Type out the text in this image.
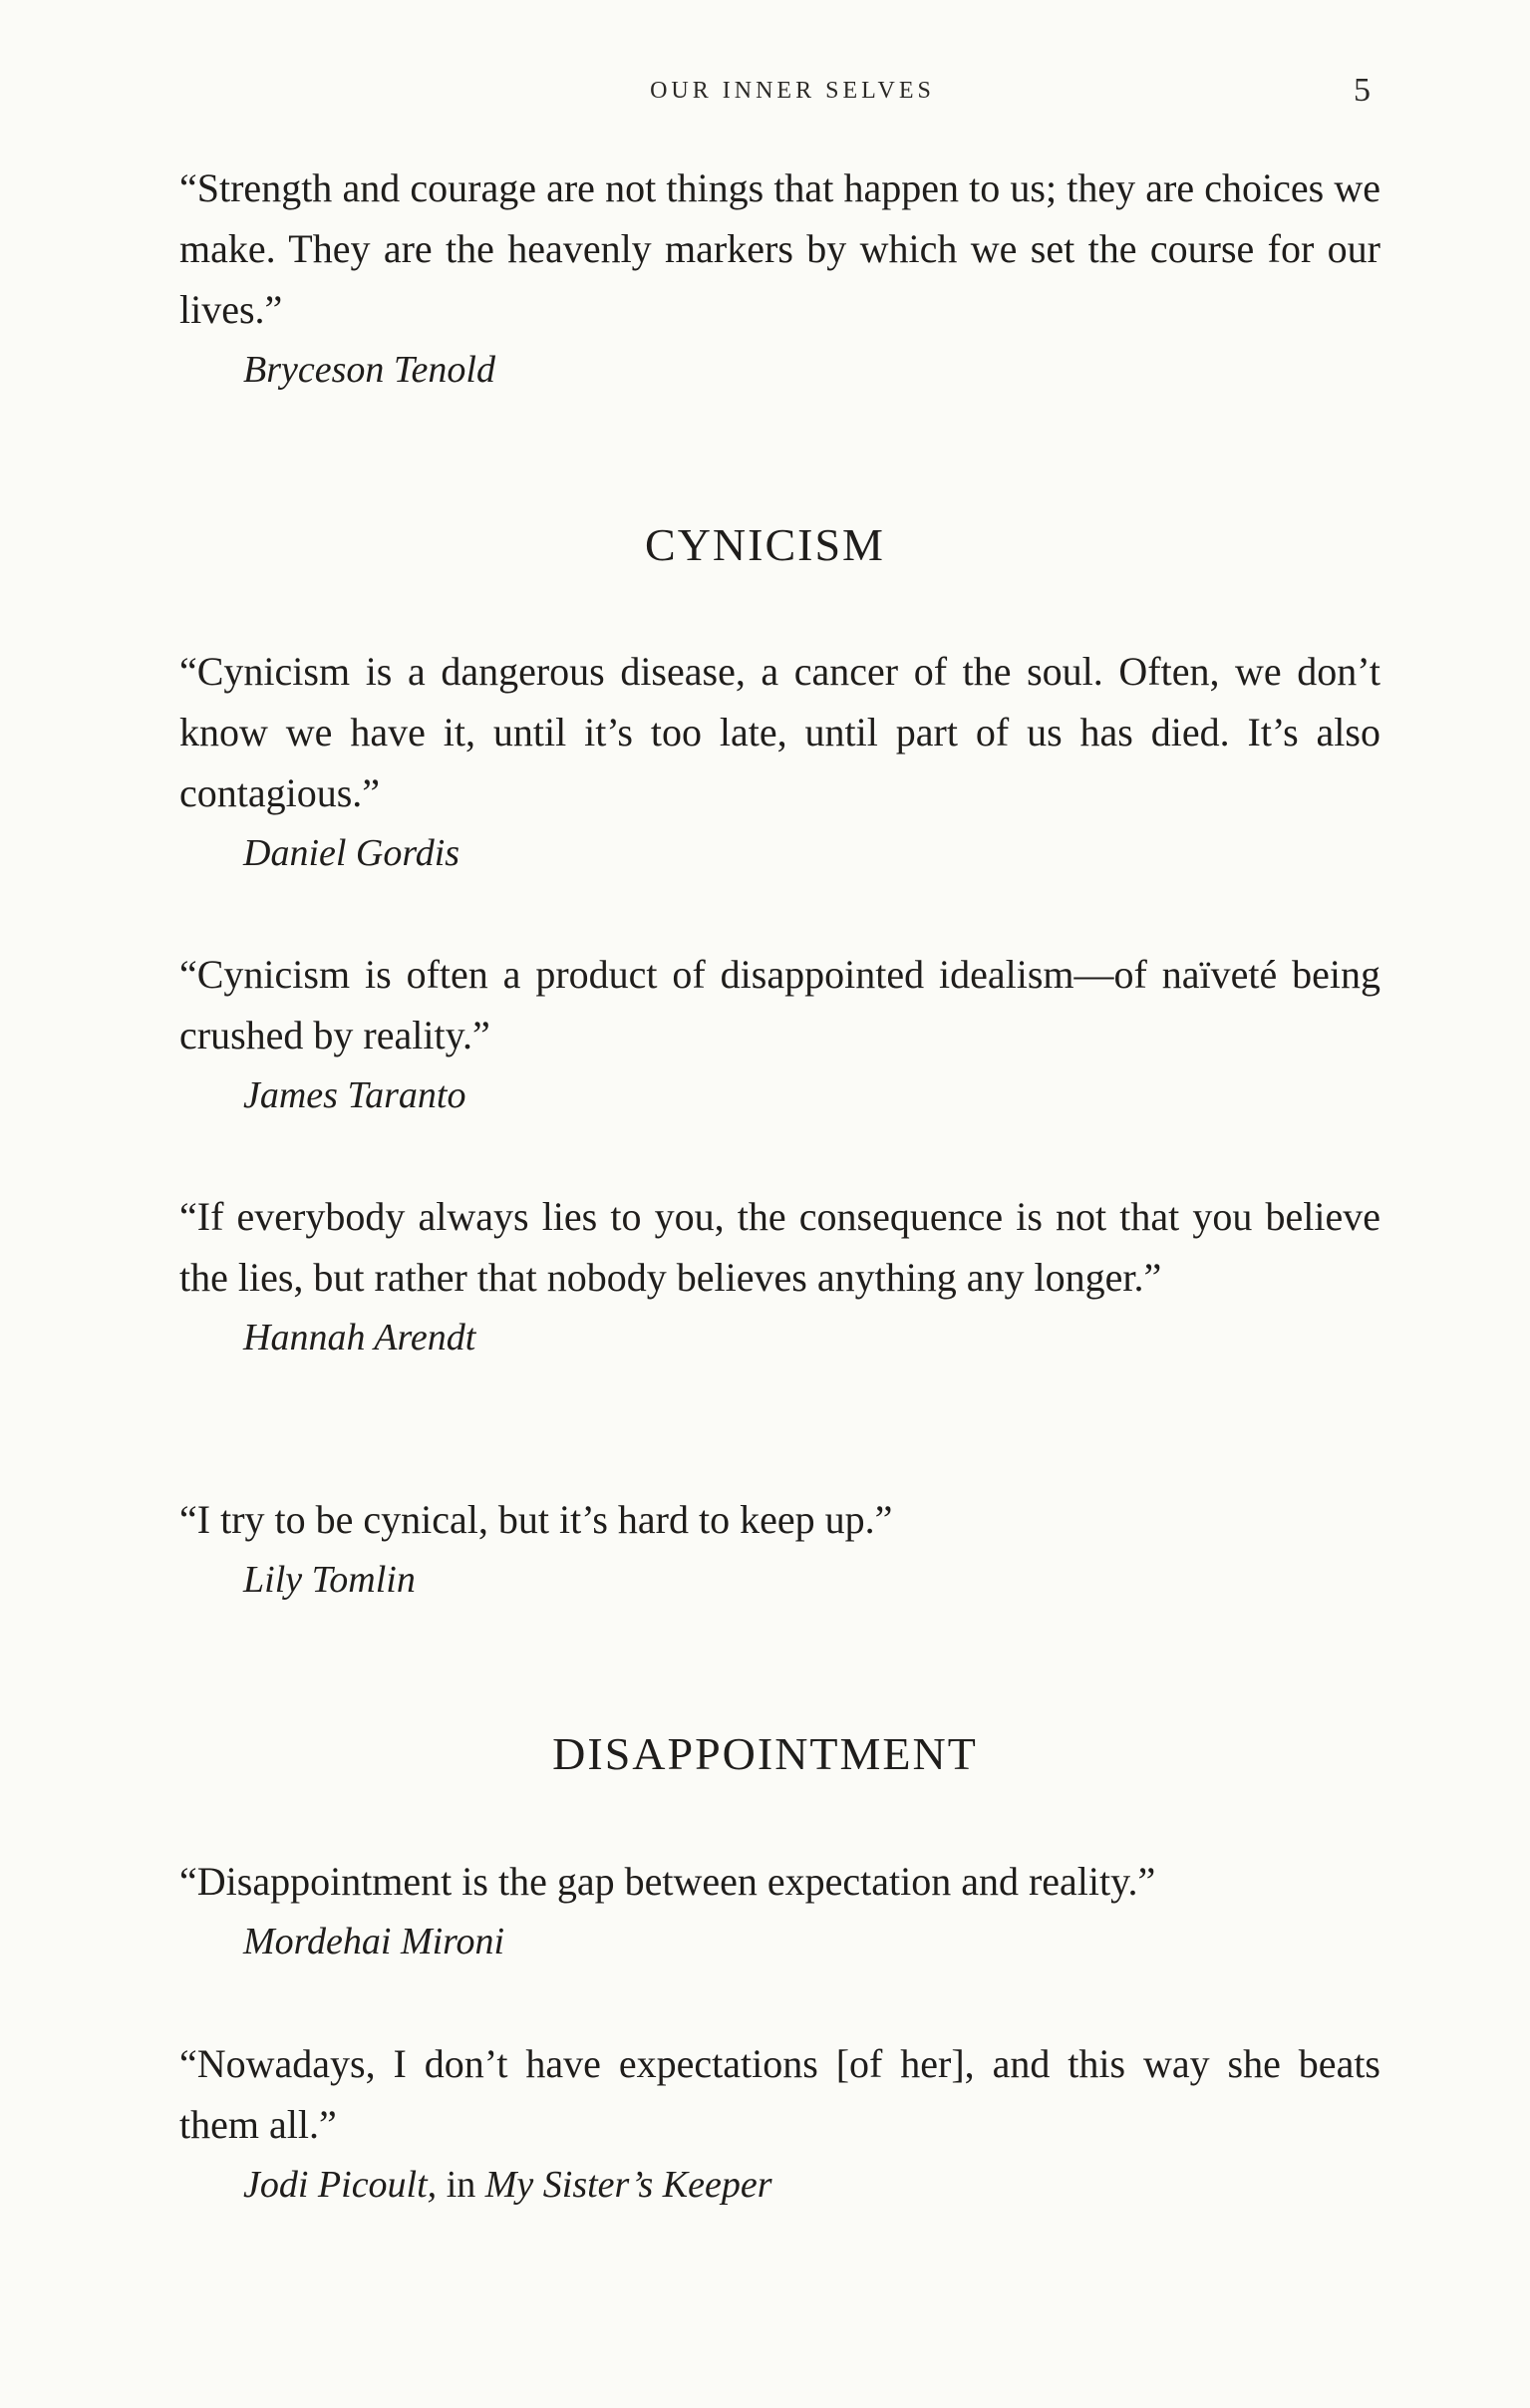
OUR INNER SELVES	5

“Strength and courage are not things that happen to us; they are choices we make. They are the heavenly markers by which we set the course for our lives.”

Bryceson Tenold

CYNICISM

“Cynicism is a dangerous disease, a cancer of the soul. Often, we don’t know we have it, until it’s too late, until part of us has died. It’s also contagious.”

Daniel Gordis

“Cynicism is often a product of disappointed idealism—of naïveté being crushed by reality.”

James Taranto

“If everybody always lies to you, the consequence is not that you believe the lies, but rather that nobody believes anything any longer.”

Hannah Arendt

“I try to be cynical, but it’s hard to keep up.”

Lily Tomlin

DISAPPOINTMENT

“Disappointment is the gap between expectation and reality.”

Mordehai Mironi

“Nowadays, I don’t have expectations [of her], and this way she beats them all.”

Jodi Picoult, in My Sister’s Keeper
